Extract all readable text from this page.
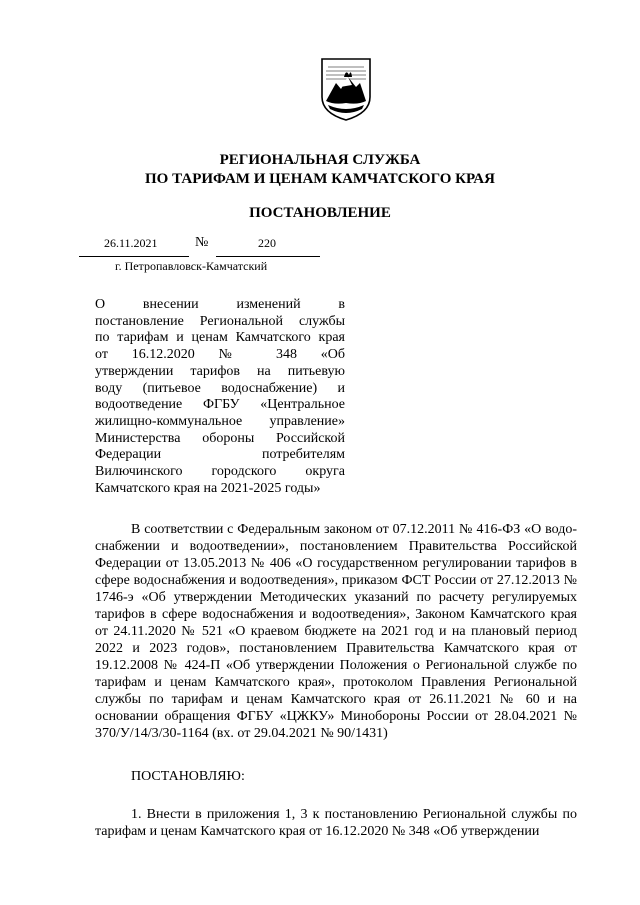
РЕГИОНАЛЬНАЯ СЛУЖБА
ПО ТАРИФАМ И ЦЕНАМ КАМЧАТСКОГО КРАЯ
ПОСТАНОВЛЕНИЕ
26.11.2021	№	220
г. Петропавловск-Камчатский
О внесении изменений в
постановление Региональной службы
по тарифам и ценам Камчатского края
от 16.12.2020 № 348 «Об
утверждении тарифов на питьевую
воду (питьевое водоснабжение) и
водоотведение ФГБУ «Центральное
жилищно-коммунальное управление»
Министерства обороны Российской
Федерации потребителям
Вилючинского городского округа
Камчатского края на 2021-2025 годы»
В соответствии с Федеральным законом от 07.12.2011 № 416-ФЗ «О водо-снабжении и водоотведении», постановлением Правительства Российской Федерации от 13.05.2013 № 406 «О государственном регулировании тарифов в сфере водоснабжения и водоотведения», приказом ФСТ России от 27.12.2013 № 1746-э «Об утверждении Методических указаний по расчету регулируемых тарифов в сфере водоснабжения и водоотведения», Законом Камчатского края от 24.11.2020 № 521 «О краевом бюджете на 2021 год и на плановый период 2022 и 2023 годов», постановлением Правительства Камчатского края от 19.12.2008 № 424-П «Об утверждении Положения о Региональной службе по тарифам и ценам Камчатского края», протоколом Правления Региональной службы по тарифам и ценам Камчатского края от 26.11.2021 № 60 и на основании обращения ФГБУ «ЦЖКУ» Минобороны России от 28.04.2021 № 370/У/14/3/30-1164 (вх. от 29.04.2021 № 90/1431)
ПОСТАНОВЛЯЮ:
1. Внести в приложения 1, 3 к постановлению Региональной службы по тарифам и ценам Камчатского края от 16.12.2020 № 348 «Об утверждении
